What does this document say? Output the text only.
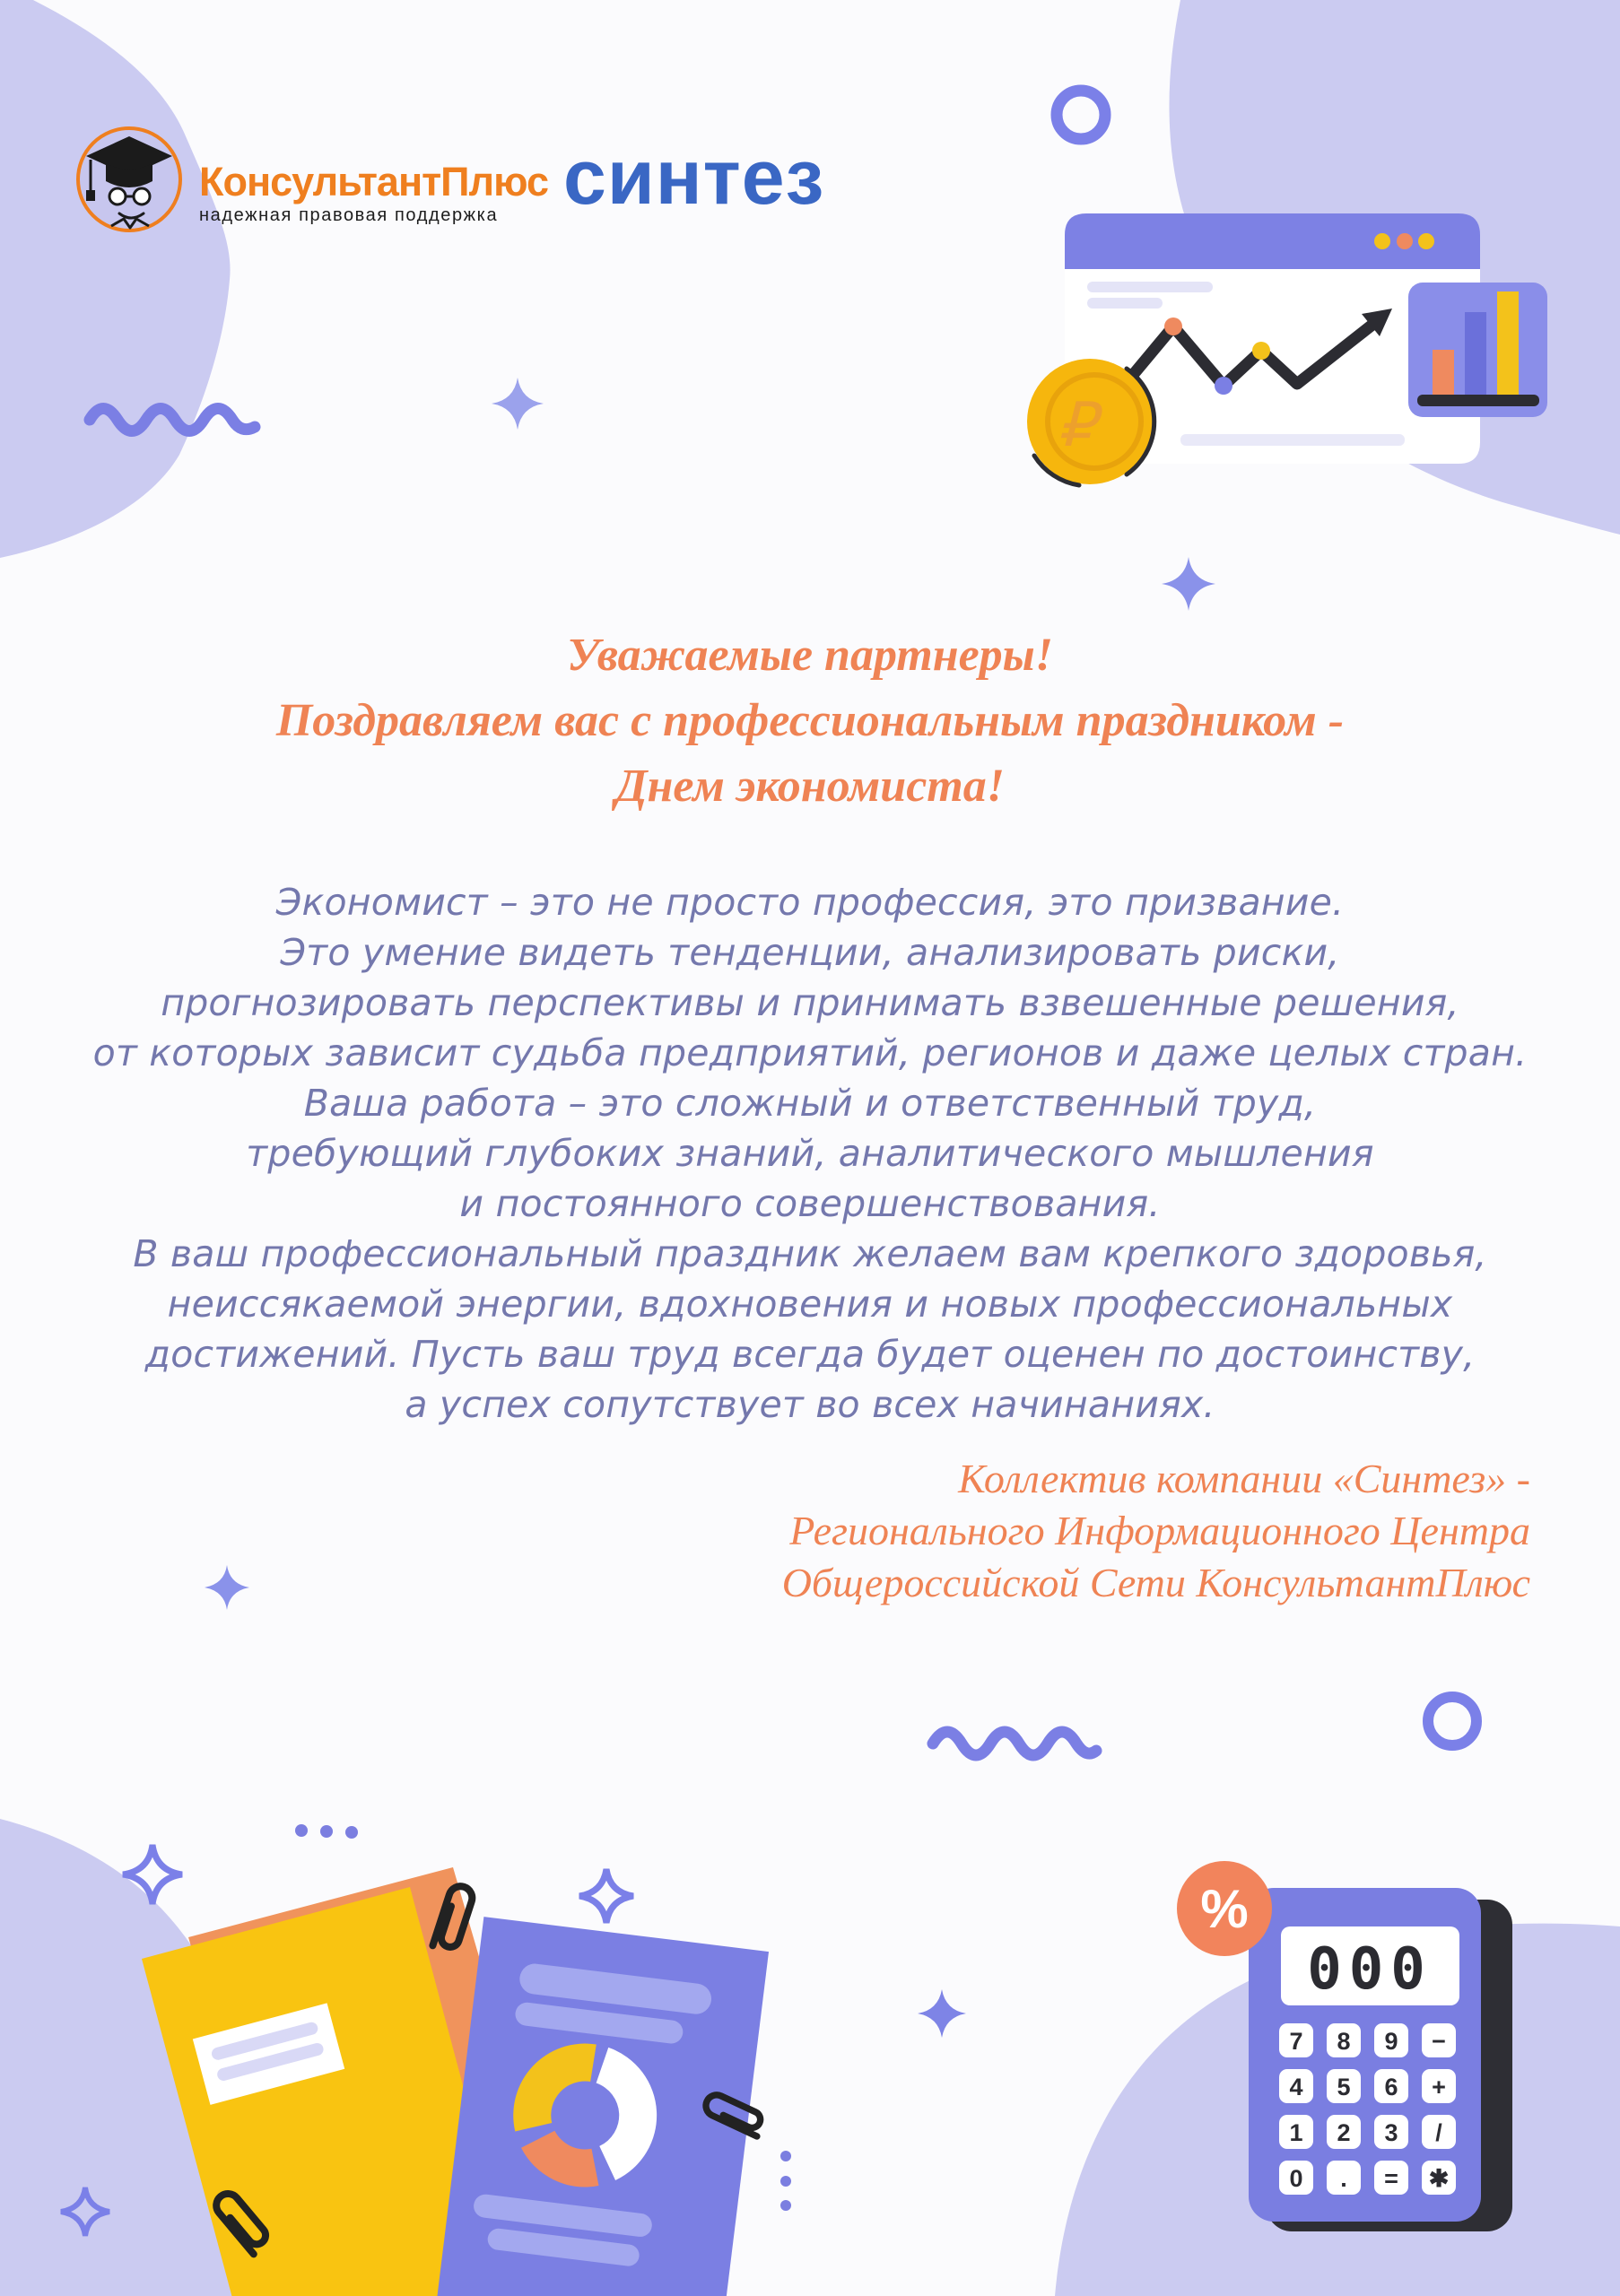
₽
000
7 8 9 −
4 5 6 +
1 2 3 /
0 . = ✱
%
КонсультантПлюс
надежная правовая поддержка синтез
Уважаемые партнеры!
Поздравляем вас с профессиональным праздником -
Днем экономиста!
Экономист – это не просто профессия, это призвание.
Это умение видеть тенденции, анализировать риски,
прогнозировать перспективы и принимать взвешенные решения,
от которых зависит судьба предприятий, регионов и даже целых стран.
Ваша работа – это сложный и ответственный труд,
требующий глубоких знаний, аналитического мышления
и постоянного совершенствования.
В ваш профессиональный праздник желаем вам крепкого здоровья,
неиссякаемой энергии, вдохновения и новых профессиональных
достижений. Пусть ваш труд всегда будет оценен по достоинству,
а успех сопутствует во всех начинаниях.
Коллектив компании «Синтез» -
Регионального Информационного Центра
Общероссийской Сети КонсультантПлюс
